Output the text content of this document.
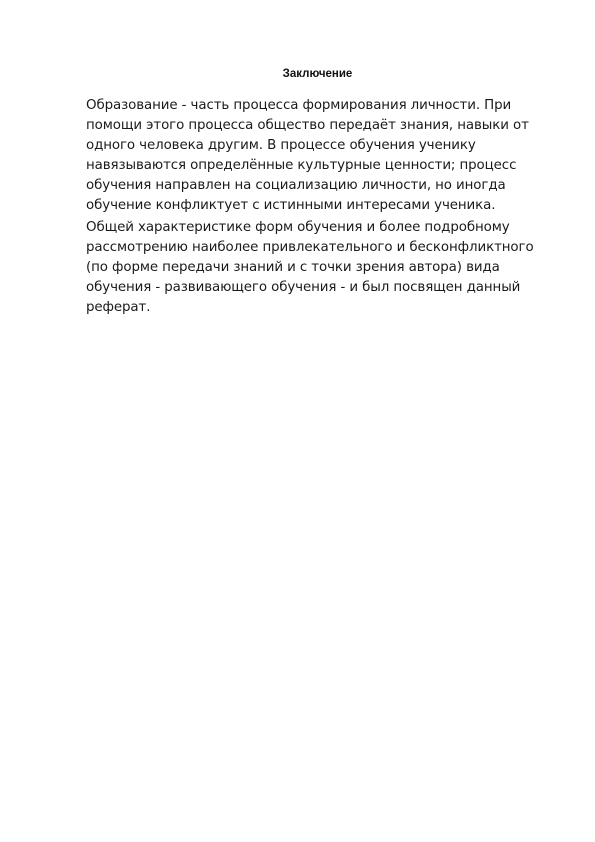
Заключение

Образование - часть процесса формирования личности. При помощи этого процесса общество передаёт знания, навыки от одного человека другим. В процессе обучения ученику навязываются определённые культурные ценности; процесс обучения направлен на социализацию личности, но иногда обучение конфликтует с истинными интересами ученика.

Общей характеристике форм обучения и более подробному рассмотрению наиболее привлекательного и бесконфликтного (по форме передачи знаний и с точки зрения автора) вида обучения - развивающего обучения - и был посвящен данный реферат.
